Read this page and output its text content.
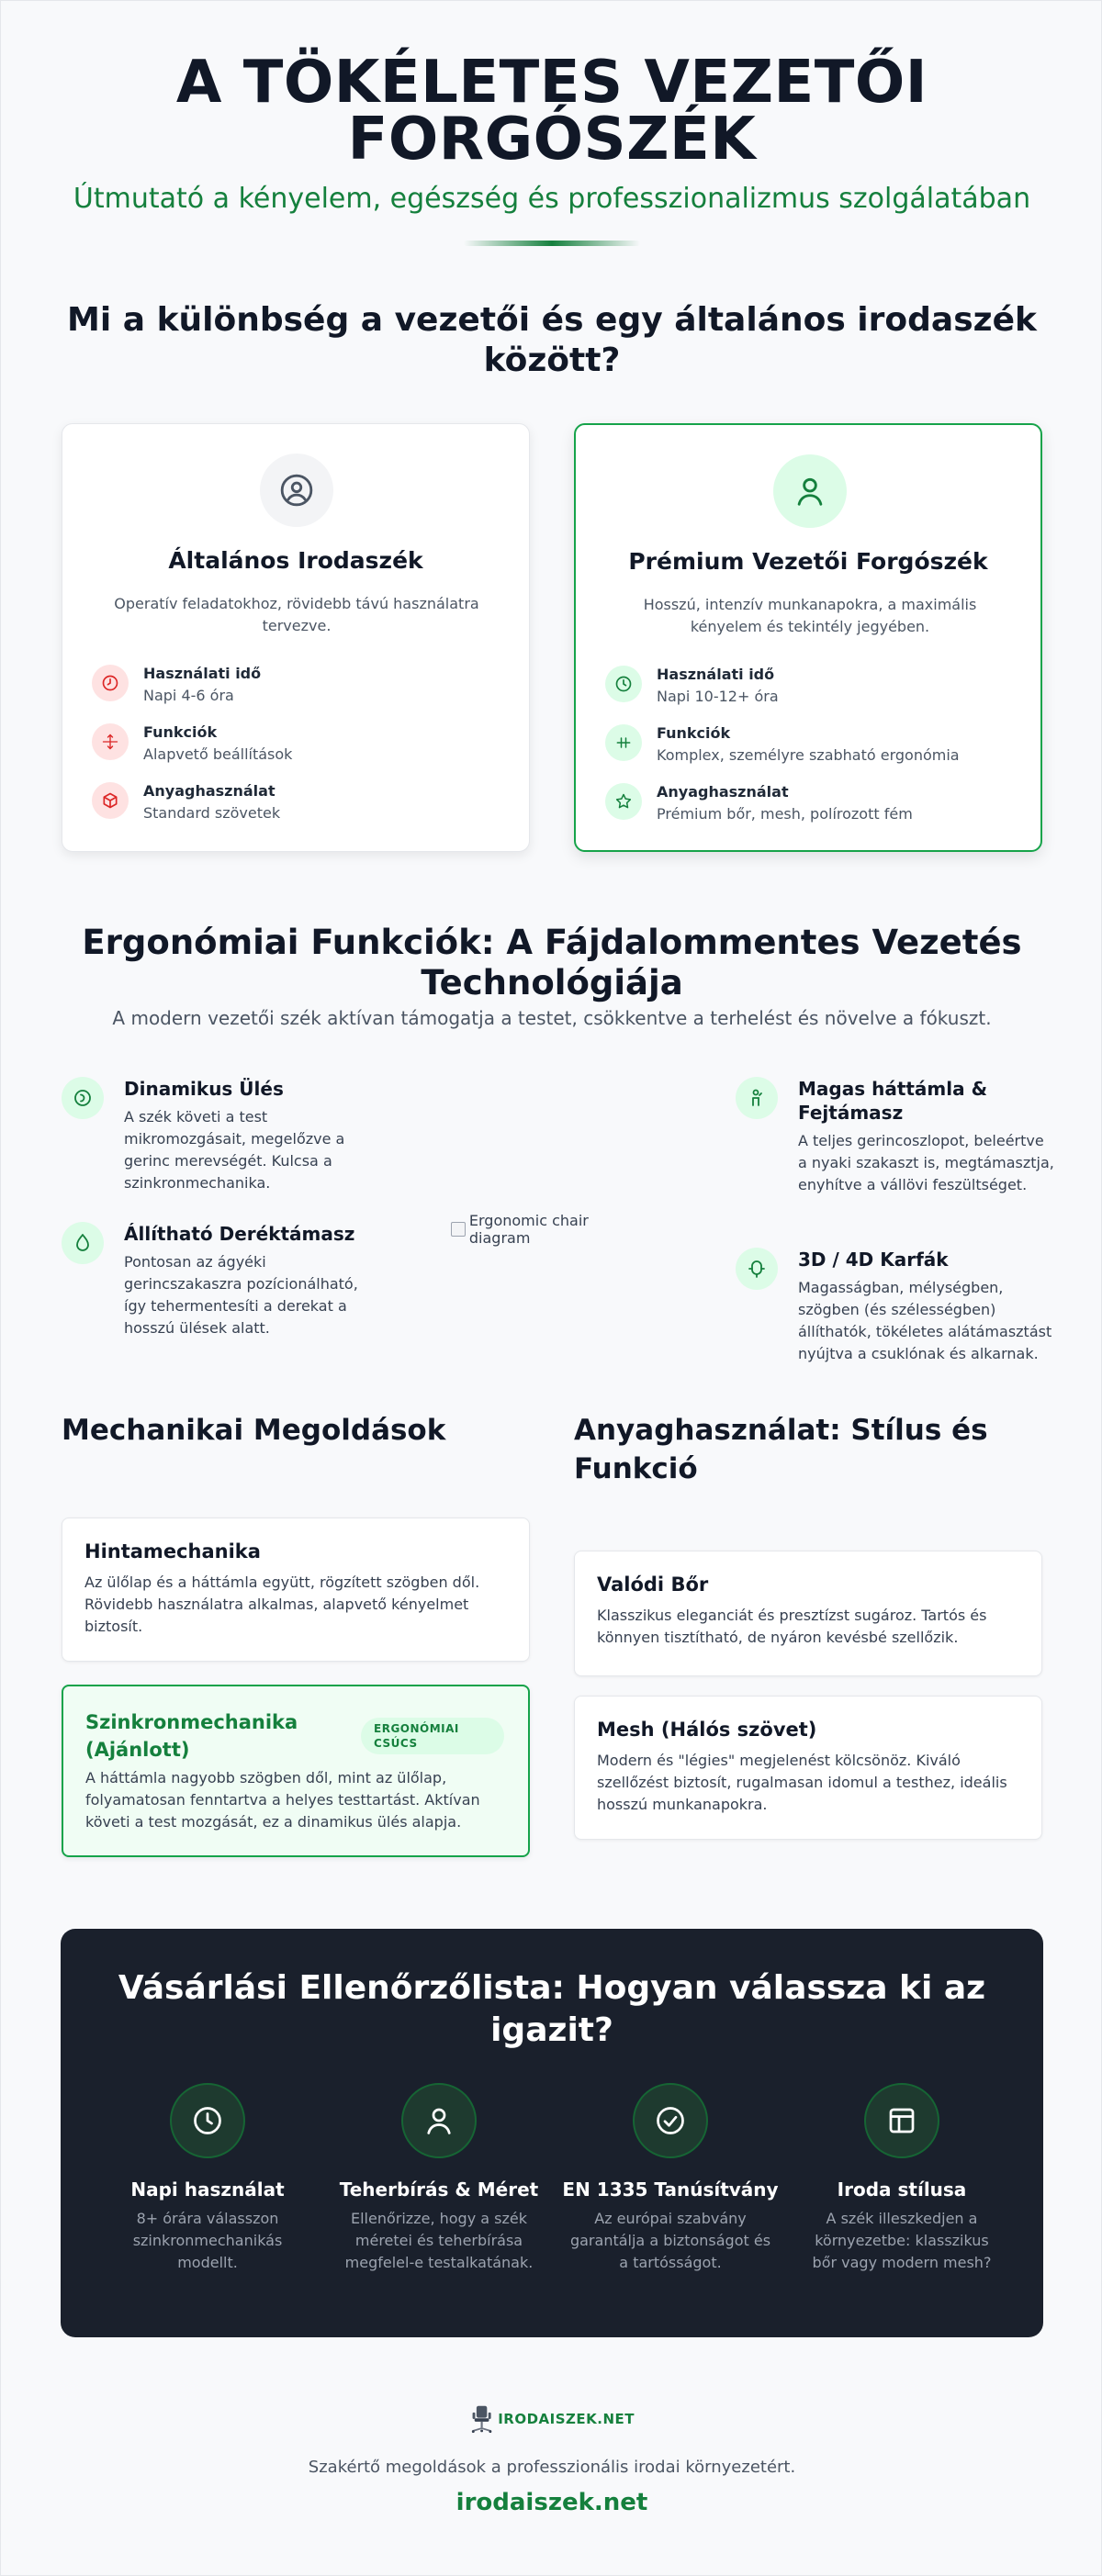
A TÖKÉLETES VEZETŐI FORGÓSZÉK
Útmutató a kényelem, egészség és professzionalizmus szolgálatában
Mi a különbség a vezetői és egy általános irodaszék között?
Általános Irodaszék
Operatív feladatokhoz, rövidebb távú használatra tervezve.
Használati idő
Napi 4-6 óra
Funkciók
Alapvető beállítások
Anyaghasználat
Standard szövetek
Prémium Vezetői Forgószék
Hosszú, intenzív munkanapokra, a maximális kényelem és tekintély jegyében.
Használati idő
Napi 10-12+ óra
Funkciók
Komplex, személyre szabható ergonómia
Anyaghasználat
Prémium bőr, mesh, polírozott fém
Ergonómiai Funkciók: A Fájdalommentes Vezetés Technológiája
A modern vezetői szék aktívan támogatja a testet, csökkentve a terhelést és növelve a fókuszt.
Dinamikus Ülés
A szék követi a test mikromozgásait, megelőzve a gerinc merevségét. Kulcsa a szinkronmechanika.
Állítható Deréktámasz
Pontosan az ágyéki gerincszakaszra pozícionálható, így tehermentesíti a derekat a hosszú ülések alatt.
Ergonomic chair diagram
Magas háttámla & Fejtámasz
A teljes gerincoszlopot, beleértve a nyaki szakaszt is, megtámasztja, enyhítve a vállövi feszültséget.
3D / 4D Karfák
Magasságban, mélységben, szögben (és szélességben) állíthatók, tökéletes alátámasztást nyújtva a csuklónak és alkarnak.
Mechanikai Megoldások
Hintamechanika
Az ülőlap és a háttámla együtt, rögzített szögben dől. Rövidebb használatra alkalmas, alapvető kényelmet biztosít.
Szinkronmechanika (Ajánlott)
ERGONÓMIAI CSÚCS
A háttámla nagyobb szögben dől, mint az ülőlap, folyamatosan fenntartva a helyes testtartást. Aktívan követi a test mozgását, ez a dinamikus ülés alapja.
Anyaghasználat: Stílus és Funkció
Valódi Bőr
Klasszikus eleganciát és presztízst sugároz. Tartós és könnyen tisztítható, de nyáron kevésbé szellőzik.
Mesh (Hálós szövet)
Modern és "légies" megjelenést kölcsönöz. Kiváló szellőzést biztosít, rugalmasan idomul a testhez, ideális hosszú munkanapokra.
Vásárlási Ellenőrzőlista: Hogyan válassza ki az igazit?
Napi használat
8+ órára válasszon szinkronmechanikás modellt.
Teherbírás & Méret
Ellenőrizze, hogy a szék méretei és teherbírása megfelel-e testalkatának.
EN 1335 Tanúsítvány
Az európai szabvány garantálja a biztonságot és a tartósságot.
Iroda stílusa
A szék illeszkedjen a környezetbe: klasszikus bőr vagy modern mesh?
IRODAISZEK.NET
Szakértő megoldások a professzionális irodai környezetért.
irodaiszek.net
